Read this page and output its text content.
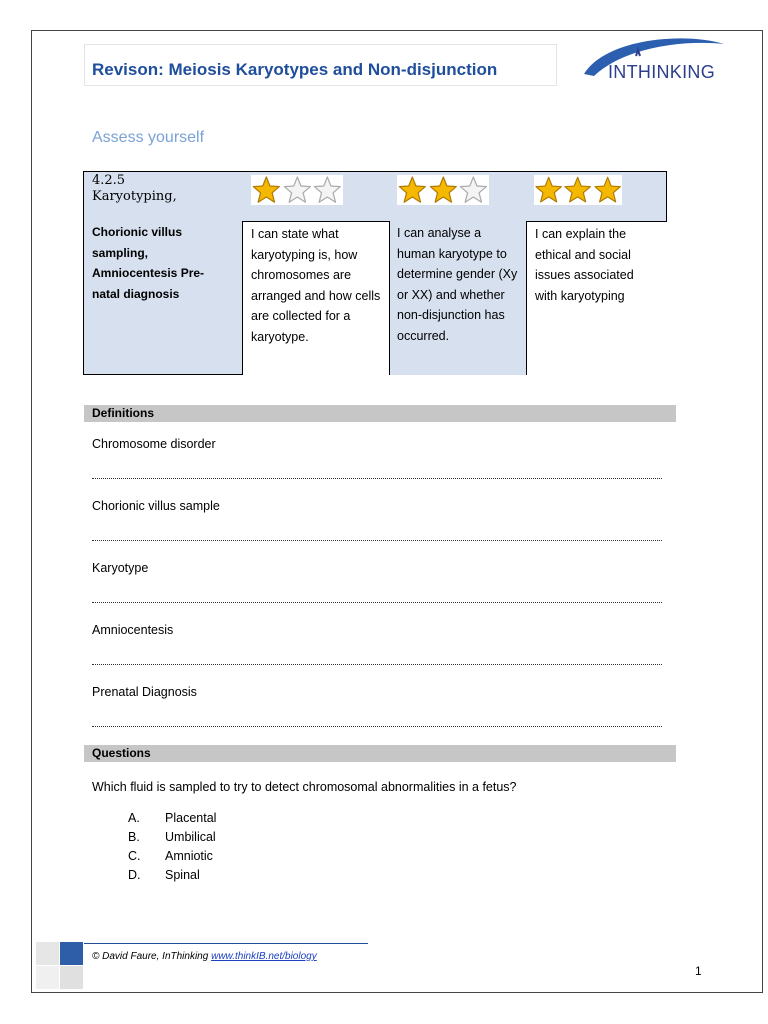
Revison: Meiosis Karyotypes and Non-disjunction	INTHINKING
Assess yourself
4.2.5
Karyotyping,
Chorionic villus sampling, Amniocentesis Pre-natal diagnosis
I can state what karyotyping is, how chromosomes are arranged and how cells are collected for a karyotype.
I can analyse a human karyotype to determine gender (Xy or XX) and whether non-disjunction has occurred.
I can explain the ethical and social issues associated with karyotyping
Definitions
Chromosome disorder
Chorionic villus sample
Karyotype
Amniocentesis
Prenatal Diagnosis
Questions
Which fluid is sampled to try to detect chromosomal abnormalities in a fetus?
A. Placental
B. Umbilical
C. Amniotic
D. Spinal
© David Faure, InThinking www.thinkIB.net/biology
1
